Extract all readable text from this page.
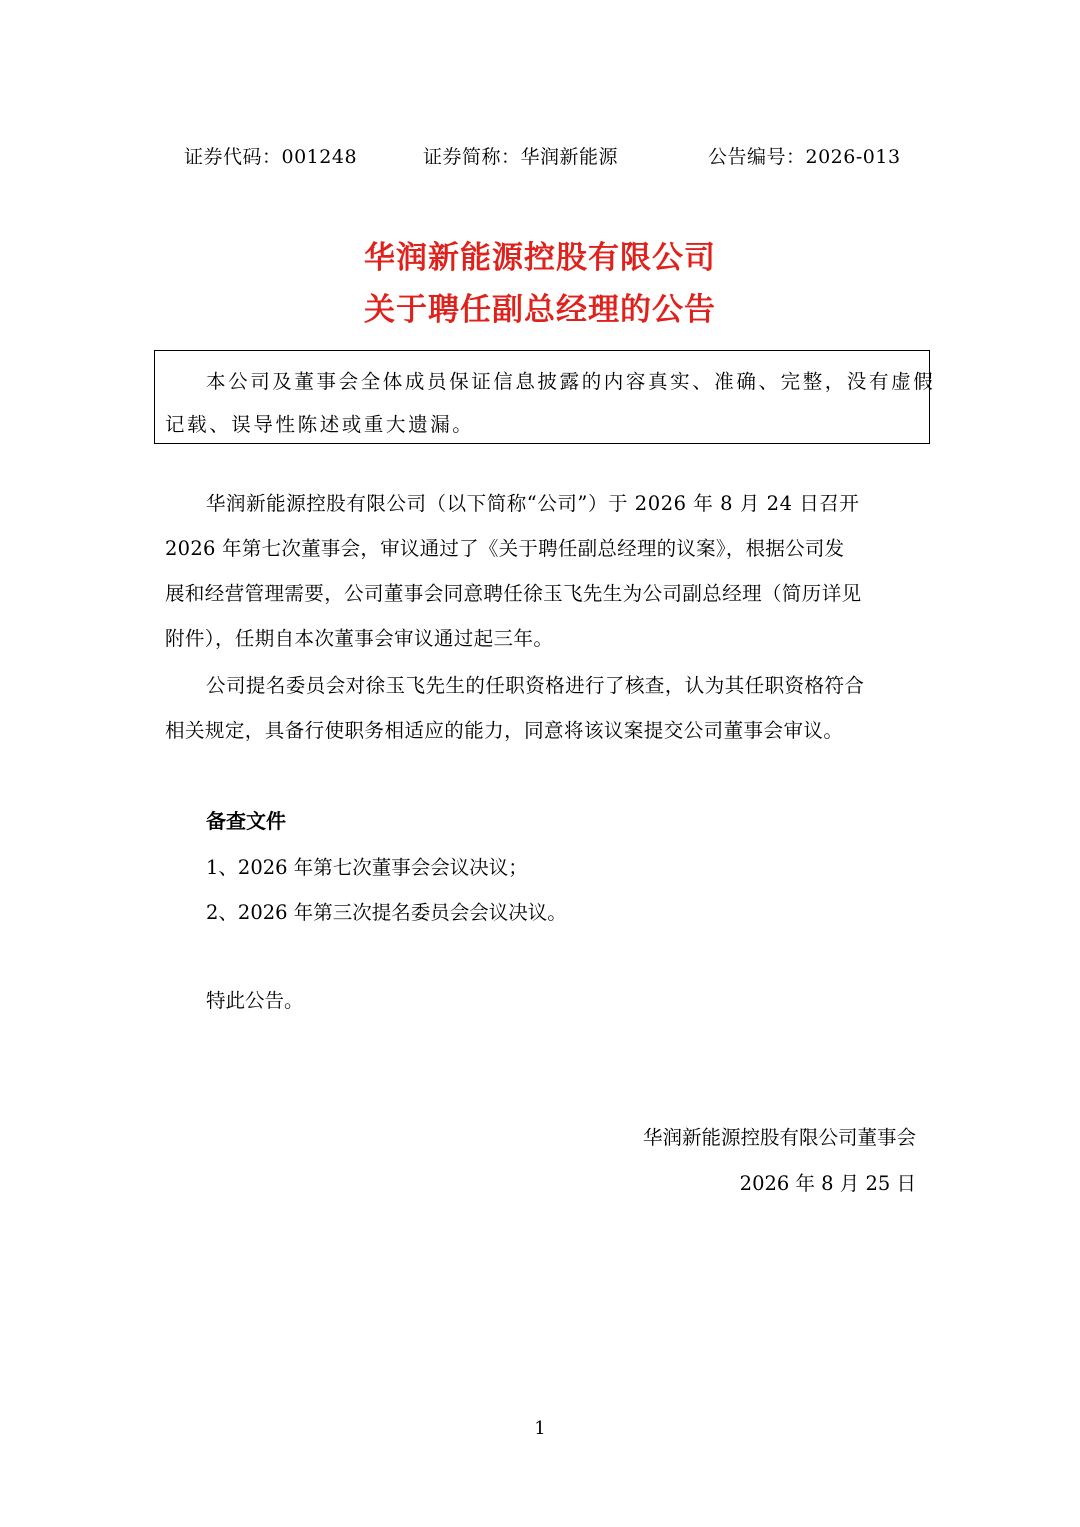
证券代码：001248	证券简称：华润新能源	公告编号：2026-013
华润新能源控股有限公司
关于聘任副总经理的公告
本公司及董事会全体成员保证信息披露的内容真实、准确、完整，没有虚假
记载、误导性陈述或重大遗漏。
华润新能源控股有限公司（以下简称“公司”）于 2026 年 8 月 24 日召开
2026 年第七次董事会，审议通过了《关于聘任副总经理的议案》，根据公司发
展和经营管理需要，公司董事会同意聘任徐玉飞先生为公司副总经理（简历详见
附件），任期自本次董事会审议通过起三年。
公司提名委员会对徐玉飞先生的任职资格进行了核查，认为其任职资格符合
相关规定，具备行使职务相适应的能力，同意将该议案提交公司董事会审议。
备查文件
1、2026 年第七次董事会会议决议；
2、2026 年第三次提名委员会会议决议。
特此公告。
华润新能源控股有限公司董事会
2026 年 8 月 25 日
1
